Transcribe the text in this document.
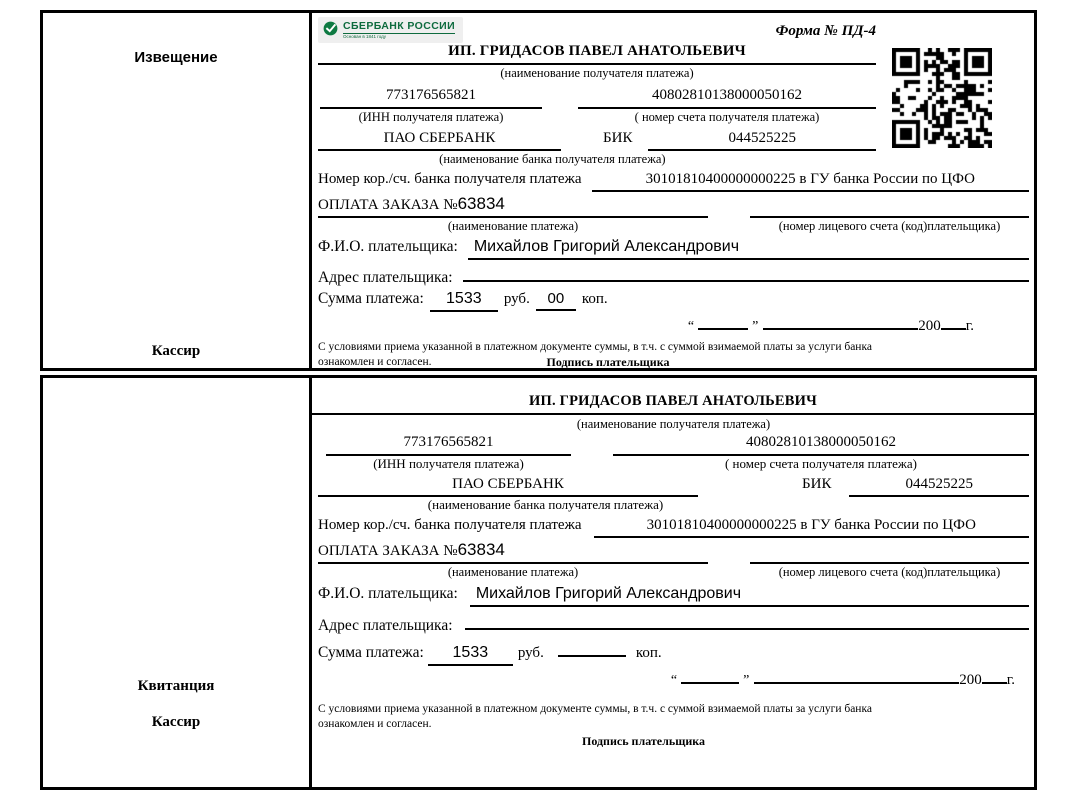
Извещение
Кассир
СБЕРБАНК РОССИИ
Основан в 1841 году	Форма № ПД-4
ИП. ГРИДАСОВ ПАВЕЛ АНАТОЛЬЕВИЧ
(наименование получателя платежа)
773176565821	40802810138000050162
(ИНН получателя платежа)	( номер счета получателя платежа)
ПАО СБЕРБАНК	БИК	044525225
(наименование банка получателя платежа)
Номер кор./сч. банка получателя платежа	30101810400000000225 в ГУ банка России по ЦФО
ОПЛАТА ЗАКАЗА №63834
(наименование платежа)	(номер лицевого счета (код)плательщика)
Ф.И.О. плательщика:	Михайлов Григорий Александрович
Адрес плательщика:
Сумма платежа:	1533	руб.	00	коп.
“	”	200 г.
С условиями приема указанной в платежном документе суммы, в т.ч. с суммой взимаемой платы за услуги банка
ознакомлен и согласен.	Подпись плательщика
Квитанция
Кассир
ИП. ГРИДАСОВ ПАВЕЛ АНАТОЛЬЕВИЧ
(наименование получателя платежа)
773176565821	40802810138000050162
(ИНН получателя платежа)	( номер счета получателя платежа)
ПАО СБЕРБАНК	БИК	044525225
(наименование банка получателя платежа)
Номер кор./сч. банка получателя платежа	30101810400000000225 в ГУ банка России по ЦФО
ОПЛАТА ЗАКАЗА №63834
(наименование платежа)	(номер лицевого счета (код)плательщика)
Ф.И.О. плательщика:	Михайлов Григорий Александрович
Адрес плательщика:
Сумма платежа:	1533	руб.	коп.
“	”	200 г.
С условиями приема указанной в платежном документе суммы, в т.ч. с суммой взимаемой платы за услуги банка
ознакомлен и согласен.
Подпись плательщика
